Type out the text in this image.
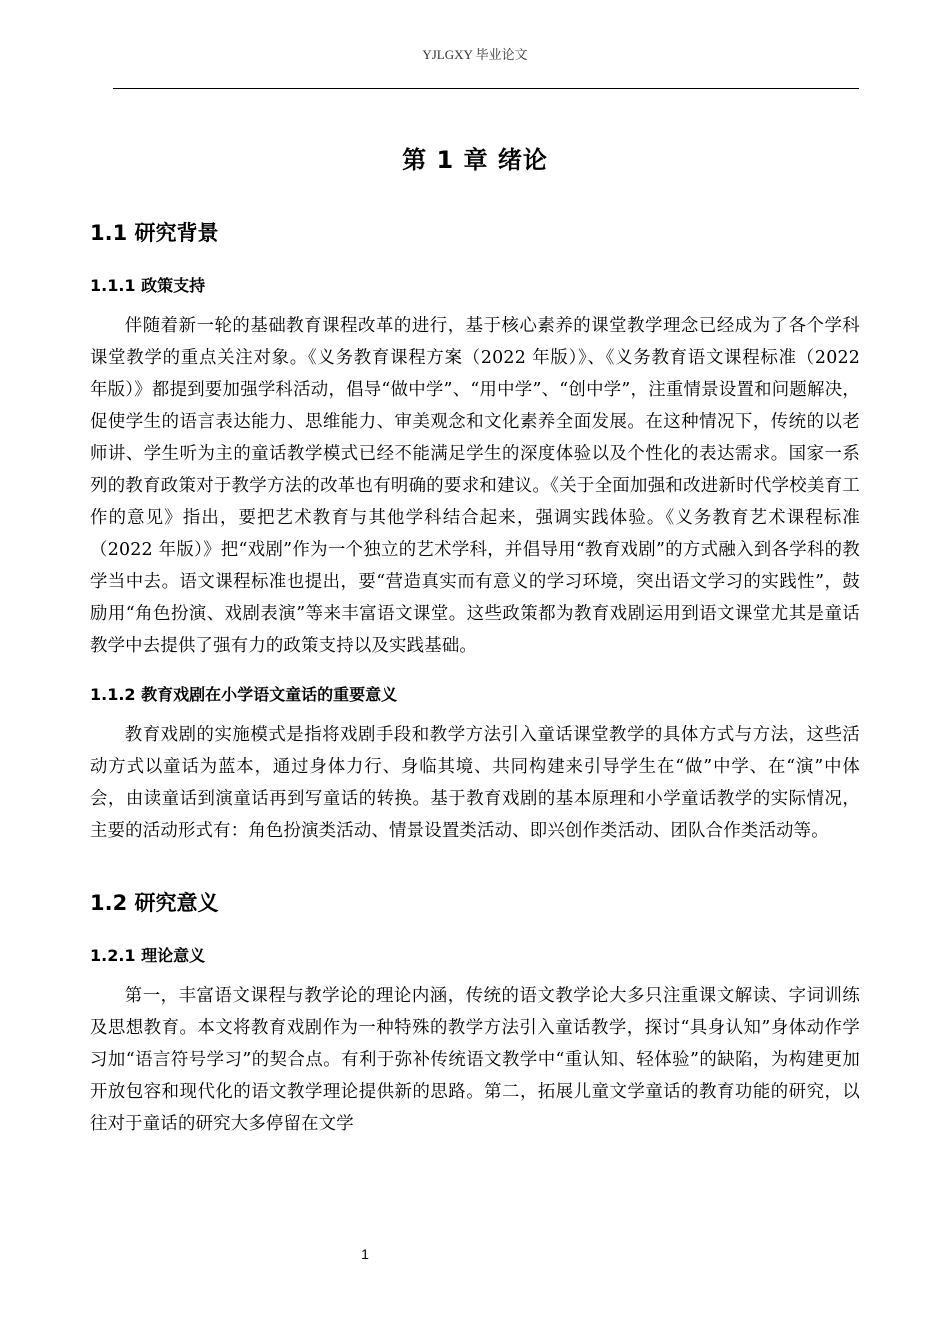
YJLGXY 毕业论文
第 1 章 绪论
1.1 研究背景
1.1.1 政策支持

伴随着新一轮的基础教育课程改革的进行，基于核心素养的课堂教学理念已经成为了各个学科课堂教学的重点关注对象。《义务教育课程方案（2022 年版）》、《义务教育语文课程标准（2022 年版）》都提到要加强学科活动，倡导“做中学”、“用中学”、“创中学”，注重情景设置和问题解决，促使学生的语言表达能力、思维能力、审美观念和文化素养全面发展。在这种情况下，传统的以老师讲、学生听为主的童话教学模式已经不能满足学生的深度体验以及个性化的表达需求。国家一系列的教育政策对于教学方法的改革也有明确的要求和建议。《关于全面加强和改进新时代学校美育工作的意见》指出，要把艺术教育与其他学科结合起来，强调实践体验。《义务教育艺术课程标准（2022 年版）》把“戏剧”作为一个独立的艺术学科，并倡导用“教育戏剧”的方式融入到各学科的教学当中去。语文课程标准也提出，要“营造真实而有意义的学习环境，突出语文学习的实践性”，鼓励用“角色扮演、戏剧表演”等来丰富语文课堂。这些政策都为教育戏剧运用到语文课堂尤其是童话教学中去提供了强有力的政策支持以及实践基础。

1.1.2 教育戏剧在小学语文童话的重要意义

教育戏剧的实施模式是指将戏剧手段和教学方法引入童话课堂教学的具体方式与方法，这些活动方式以童话为蓝本，通过身体力行、身临其境、共同构建来引导学生在“做”中学、在“演”中体会，由读童话到演童话再到写童话的转换。基于教育戏剧的基本原理和小学童话教学的实际情况，主要的活动形式有：角色扮演类活动、情景设置类活动、即兴创作类活动、团队合作类活动等。

1.2 研究意义
1.2.1 理论意义

第一，丰富语文课程与教学论的理论内涵，传统的语文教学论大多只注重课文解读、字词训练及思想教育。本文将教育戏剧作为一种特殊的教学方法引入童话教学，探讨“具身认知”身体动作学习加“语言符号学习”的契合点。有利于弥补传统语文教学中“重认知、轻体验”的缺陷，为构建更加开放包容和现代化的语文教学理论提供新的思路。第二，拓展儿童文学童话的教育功能的研究，以往对于童话的研究大多停留在文学

1
